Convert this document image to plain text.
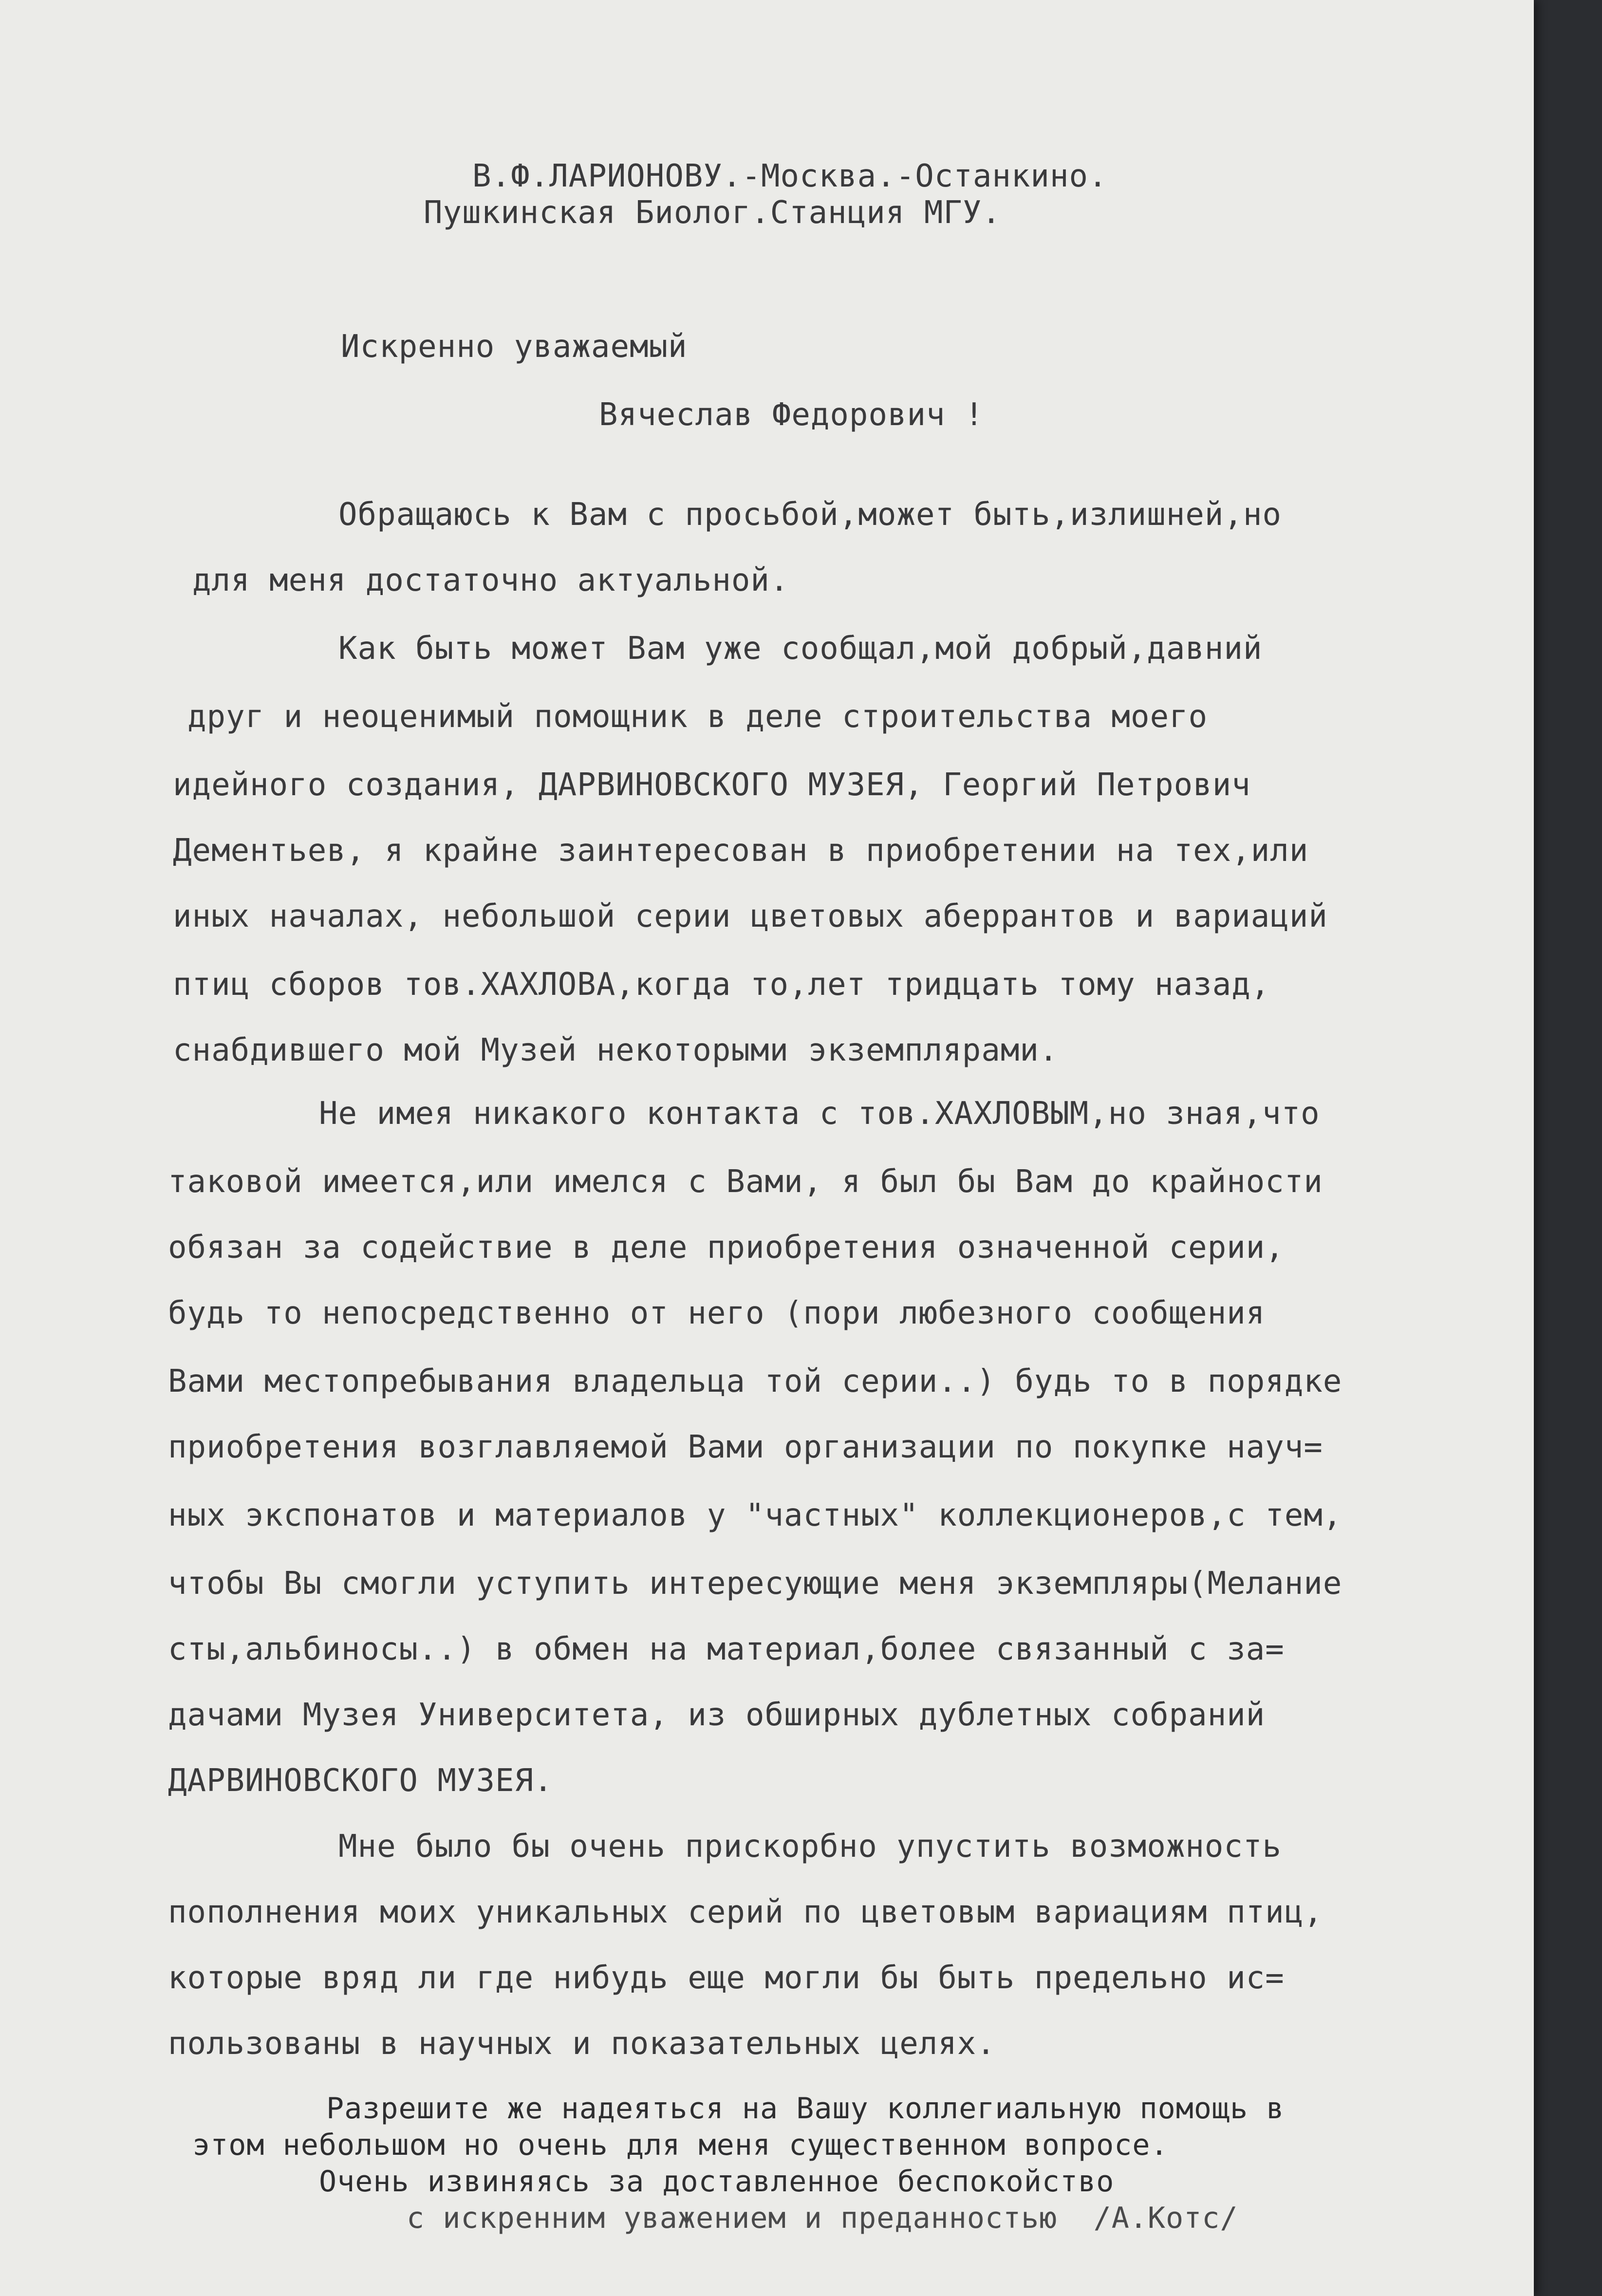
В.Ф.ЛАРИОНОВУ.-Москва.-Останкино.
Пушкинская Биолог.Станция МГУ.
Искренно уважаемый
Вячеслав Федорович !
Обращаюсь к Вам с просьбой,может быть,излишней,но
для меня достаточно актуальной.
Как быть может Вам уже сообщал,мой добрый,давний
друг и неоценимый помощник в деле строительства моего
идейного создания, ДАРВИНОВСКОГО МУЗЕЯ, Георгий Петрович
Дементьев, я крайне заинтересован в приобретении на тех,или
иных началах, небольшой серии цветовых аберрантов и вариаций
птиц сборов тов.ХАХЛОВА,когда то,лет тридцать тому назад,
снабдившего мой Музей некоторыми экземплярами.
Не имея никакого контакта с тов.ХАХЛОВЫМ,но зная,что
таковой имеется,или имелся с Вами, я был бы Вам до крайности
обязан за содействие в деле приобретения означенной серии,
будь то непосредственно от него (пори любезного сообщения
Вами местопребывания владельца той серии..) будь то в порядке
приобретения возглавляемой Вами организации по покупке науч=
ных экспонатов и материалов у "частных" коллекционеров,с тем,
чтобы Вы смогли уступить интересующие меня экземпляры(Мелание
сты,альбиносы..) в обмен на материал,более связанный с за=
дачами Музея Университета, из обширных дублетных собраний
ДАРВИНОВСКОГО МУЗЕЯ.
Мне было бы очень прискорбно упустить возможность
пополнения моих уникальных серий по цветовым вариациям птиц,
которые вряд ли где нибудь еще могли бы быть предельно ис=
пользованы в научных и показательных целях.
Разрешите же надеяться на Вашу коллегиальную помощь в
этом небольшом но очень для меня существенном вопросе.
Очень извиняясь за доставленное беспокойство
с искренним уважением и преданностью  /А.Котс/
